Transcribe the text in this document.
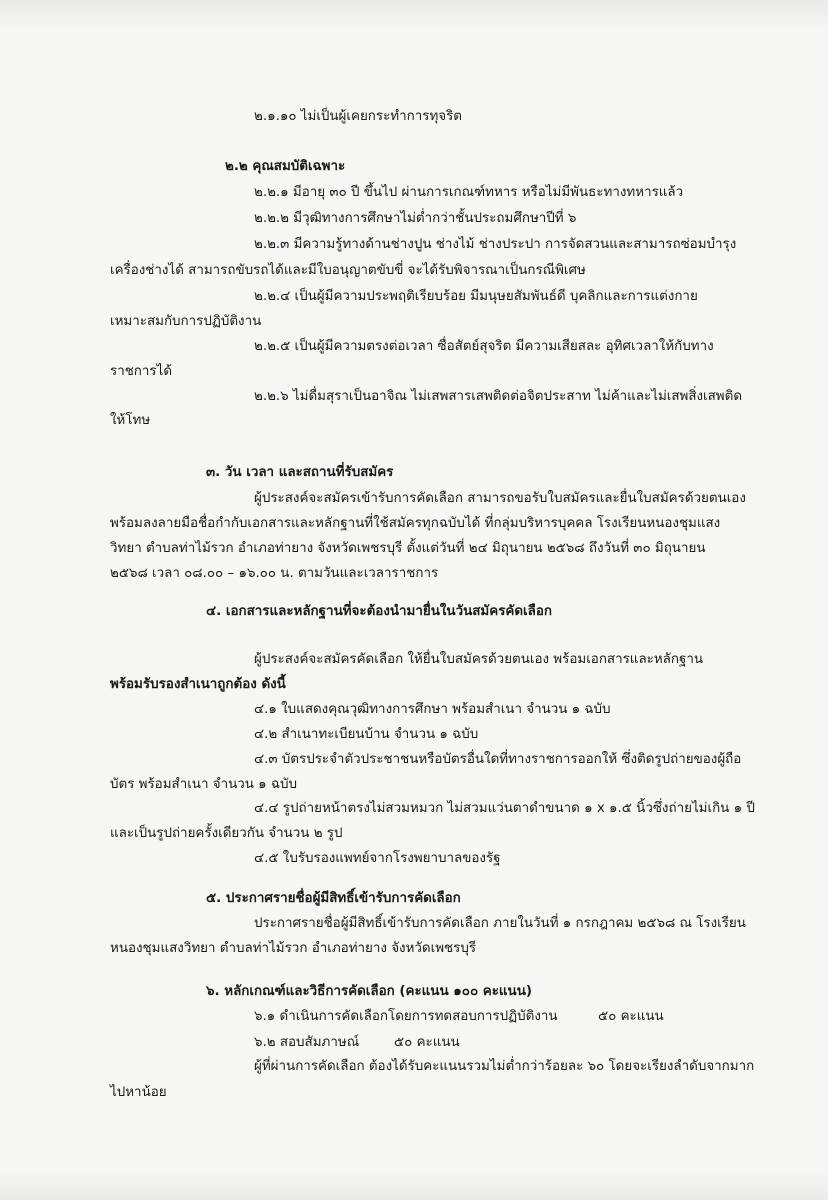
๒.๑.๑๐ ไม่เป็นผู้เคยกระทำการทุจริต

๒.๒ คุณสมบัติเฉพาะ

๒.๒.๑ มีอายุ ๓๐ ปี ขึ้นไป ผ่านการเกณฑ์ทหาร หรือไม่มีพันธะทางทหารแล้ว

๒.๒.๒ มีวุฒิทางการศึกษาไม่ต่ำกว่าชั้นประถมศึกษาปีที่ ๖

๒.๒.๓ มีความรู้ทางด้านช่างปูน ช่างไม้ ช่างประปา การจัดสวนและสามารถซ่อมบำรุง

เครื่องช่างได้ สามารถขับรถได้และมีใบอนุญาตขับขี่ จะได้รับพิจารณาเป็นกรณีพิเศษ

๒.๒.๔ เป็นผู้มีความประพฤติเรียบร้อย มีมนุษยสัมพันธ์ดี บุคลิกและการแต่งกาย

เหมาะสมกับการปฏิบัติงาน

๒.๒.๕ เป็นผู้มีความตรงต่อเวลา ซื่อสัตย์สุจริต มีความเสียสละ อุทิศเวลาให้กับทาง

ราชการได้

๒.๒.๖ ไม่ดื่มสุราเป็นอาจิณ ไม่เสพสารเสพติดต่อจิตประสาท ไม่ค้าและไม่เสพสิ่งเสพติด

ให้โทษ

๓. วัน เวลา และสถานที่รับสมัคร

ผู้ประสงค์จะสมัครเข้ารับการคัดเลือก สามารถขอรับใบสมัครและยื่นใบสมัครด้วยตนเอง

พร้อมลงลายมือชื่อกำกับเอกสารและหลักฐานที่ใช้สมัครทุกฉบับได้ ที่กลุ่มบริหารบุคคล โรงเรียนหนองชุมแสง

วิทยา ตำบลท่าไม้รวก อำเภอท่ายาง จังหวัดเพชรบุรี ตั้งแต่วันที่ ๒๔ มิถุนายน ๒๕๖๘ ถึงวันที่ ๓๐ มิถุนายน

๒๕๖๘ เวลา ๐๘.๐๐ – ๑๖.๐๐ น. ตามวันและเวลาราชการ

๔. เอกสารและหลักฐานที่จะต้องนำมายื่นในวันสมัครคัดเลือก

ผู้ประสงค์จะสมัครคัดเลือก ให้ยื่นใบสมัครด้วยตนเอง พร้อมเอกสารและหลักฐาน

พร้อมรับรองสำเนาถูกต้อง ดังนี้

๔.๑ ใบแสดงคุณวุฒิทางการศึกษา พร้อมสำเนา จำนวน ๑ ฉบับ

๔.๒ สำเนาทะเบียนบ้าน จำนวน ๑ ฉบับ

๔.๓ บัตรประจำตัวประชาชนหรือบัตรอื่นใดที่ทางราชการออกให้ ซึ่งติดรูปถ่ายของผู้ถือ

บัตร พร้อมสำเนา จำนวน ๑ ฉบับ

๔.๔ รูปถ่ายหน้าตรงไม่สวมหมวก ไม่สวมแว่นตาดำขนาด ๑ x ๑.๕ นิ้วซึ่งถ่ายไม่เกิน ๑ ปี

และเป็นรูปถ่ายครั้งเดียวกัน จำนวน ๒ รูป

๔.๕ ใบรับรองแพทย์จากโรงพยาบาลของรัฐ

๕. ประกาศรายชื่อผู้มีสิทธิ์เข้ารับการคัดเลือก

ประกาศรายชื่อผู้มีสิทธิ์เข้ารับการคัดเลือก ภายในวันที่ ๑ กรกฎาคม ๒๕๖๘ ณ โรงเรียน

หนองชุมแสงวิทยา ตำบลท่าไม้รวก อำเภอท่ายาง จังหวัดเพชรบุรี

๖. หลักเกณฑ์และวิธีการคัดเลือก (คะแนน ๑๐๐ คะแนน)

๖.๑ ดำเนินการคัดเลือกโดยการทดสอบการปฏิบัติงาน	๕๐ คะแนน

๖.๒ สอบสัมภาษณ์	๕๐ คะแนน

ผู้ที่ผ่านการคัดเลือก ต้องได้รับคะแนนรวมไม่ต่ำกว่าร้อยละ ๖๐ โดยจะเรียงลำดับจากมาก

ไปหาน้อย
